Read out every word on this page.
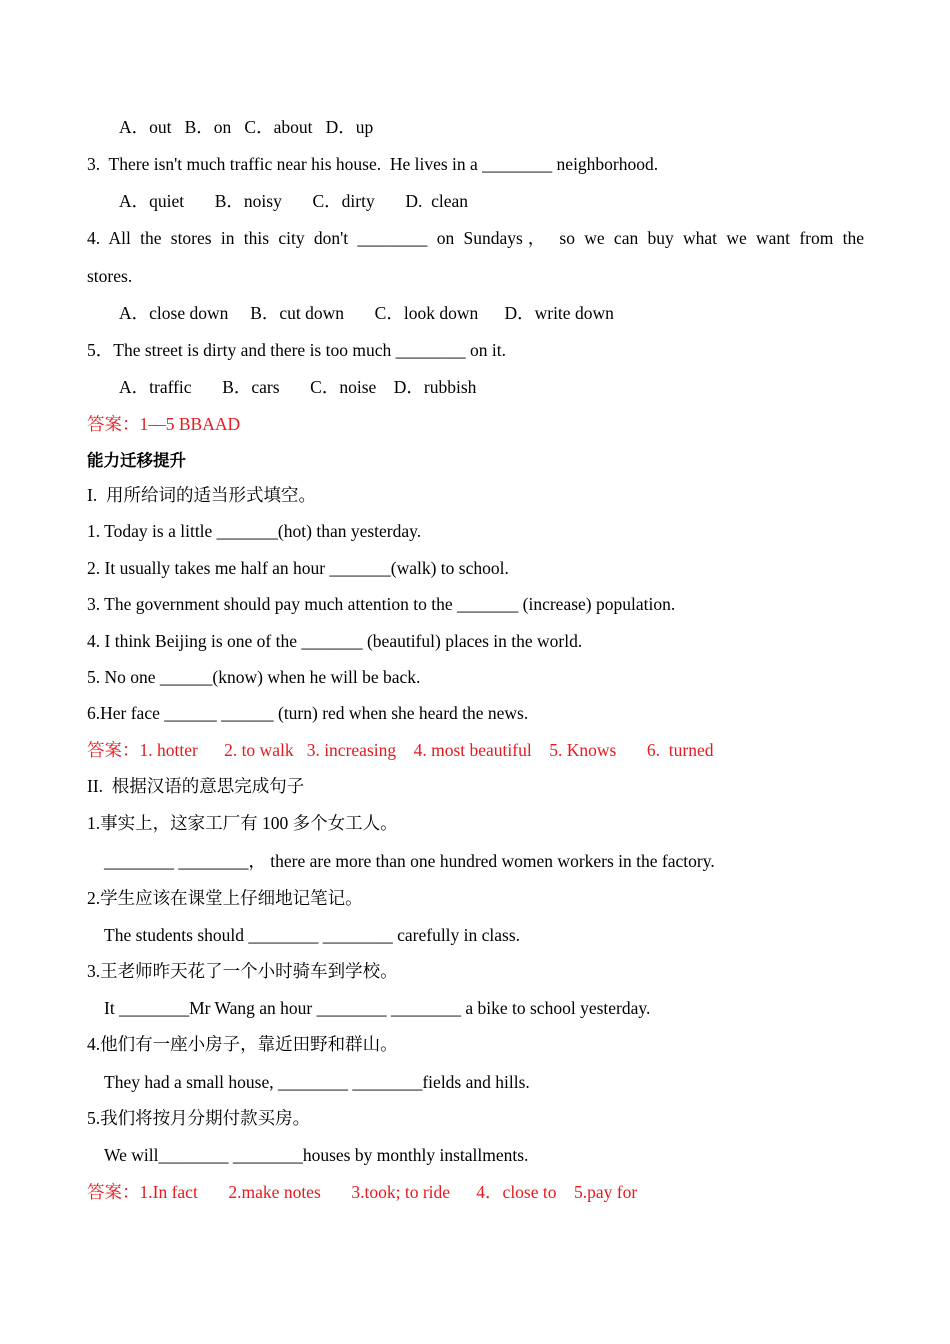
A．out   B．on   C．about   D．up
3.  There isn't much traffic near his house.  He lives in a ________ neighborhood.
A．quiet       B．noisy       C．dirty       D.  clean
4. All the stores in this city don't ________ on Sundays， so we can buy what we want from the
stores.
A．close down     B．cut down       C．look down      D．write down
5．The street is dirty and there is too much ________ on it.
A．traffic       B．cars       C．noise    D．rubbish
答案：1—5 BBAAD
能力迁移提升
I.  用所给词的适当形式填空。
1. Today is a little _______(hot) than yesterday.
2. It usually takes me half an hour _______(walk) to school.
3. The government should pay much attention to the _______ (increase) population.
4. I think Beijing is one of the _______ (beautiful) places in the world.
5. No one ______(know) when he will be back.
6.Her face ______ ______ (turn) red when she heard the news.
答案：1. hotter      2. to walk   3. increasing    4. most beautiful    5. Knows       6.  turned
II.  根据汉语的意思完成句子
1.事实上，这家工厂有 100 多个女工人。
________ ________， there are more than one hundred women workers in the factory.
2.学生应该在课堂上仔细地记笔记。
The students should ________ ________ carefully in class.
3.王老师昨天花了一个小时骑车到学校。
It ________Mr Wang an hour ________ ________ a bike to school yesterday.
4.他们有一座小房子，靠近田野和群山。
They had a small house, ________ ________fields and hills.
5.我们将按月分期付款买房。
We will________ ________houses by monthly installments.
答案：1.In fact       2.make notes       3.took; to ride      4．close to    5.pay for
